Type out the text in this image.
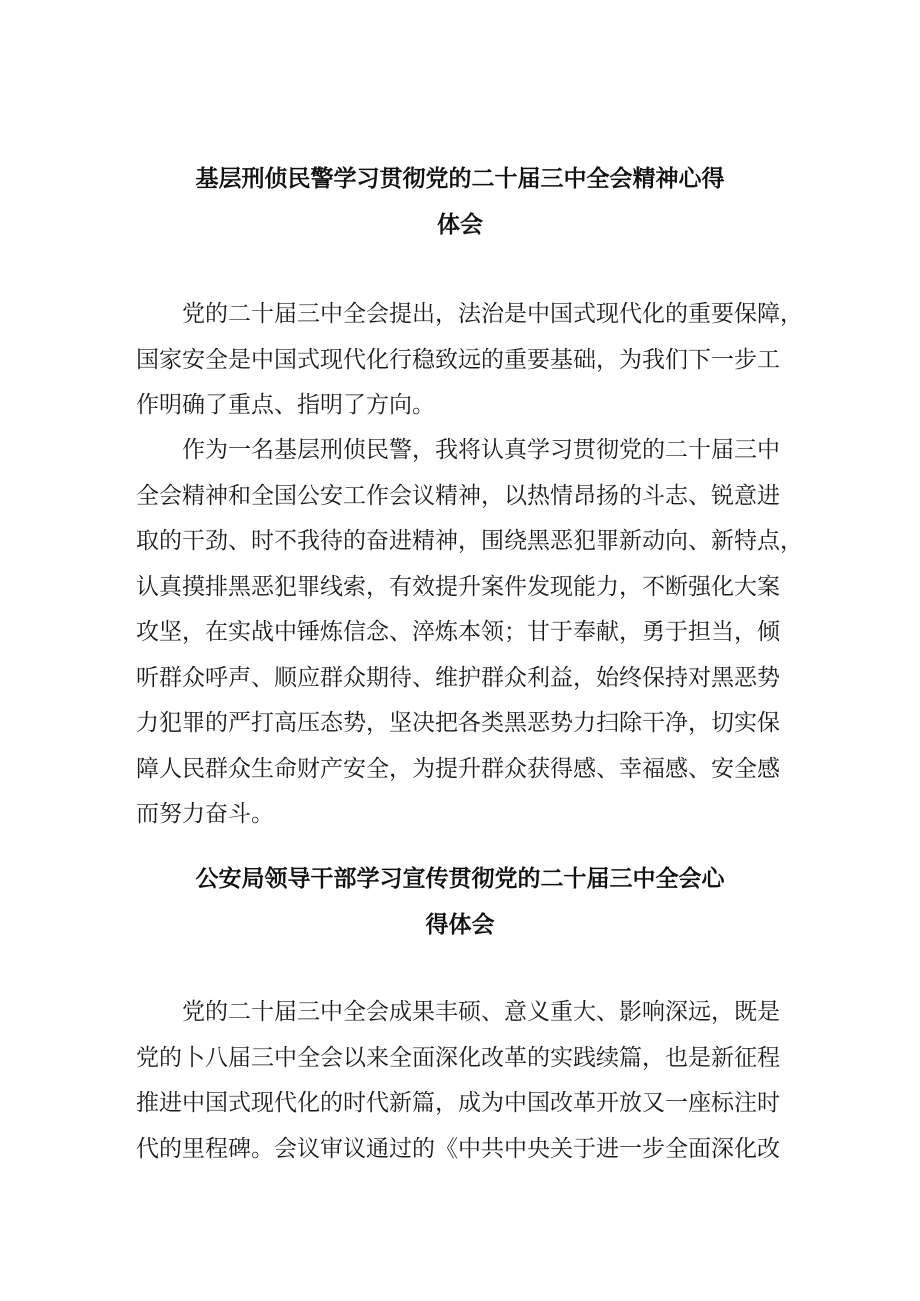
基层刑侦民警学习贯彻党的二十届三中全会精神心得
体会
党的二十届三中全会提出，法治是中国式现代化的重要保障，
国家安全是中国式现代化行稳致远的重要基础，为我们下一步工
作明确了重点、指明了方向。
作为一名基层刑侦民警，我将认真学习贯彻党的二十届三中
全会精神和全国公安工作会议精神，以热情昂扬的斗志、锐意进
取的干劲、时不我待的奋进精神，围绕黑恶犯罪新动向、新特点，
认真摸排黑恶犯罪线索，有效提升案件发现能力，不断强化大案
攻坚，在实战中锤炼信念、淬炼本领；甘于奉献，勇于担当，倾
听群众呼声、顺应群众期待、维护群众利益，始终保持对黑恶势
力犯罪的严打高压态势，坚决把各类黑恶势力扫除干净，切实保
障人民群众生命财产安全，为提升群众获得感、幸福感、安全感
而努力奋斗。
公安局领导干部学习宣传贯彻党的二十届三中全会心
得体会
党的二十届三中全会成果丰硕、意义重大、影响深远，既是
党的卜八届三中全会以来全面深化改革的实践续篇，也是新征程
推进中国式现代化的时代新篇，成为中国改革开放又一座标注时
代的里程碑。会议审议通过的《中共中央关于进一步全面深化改
